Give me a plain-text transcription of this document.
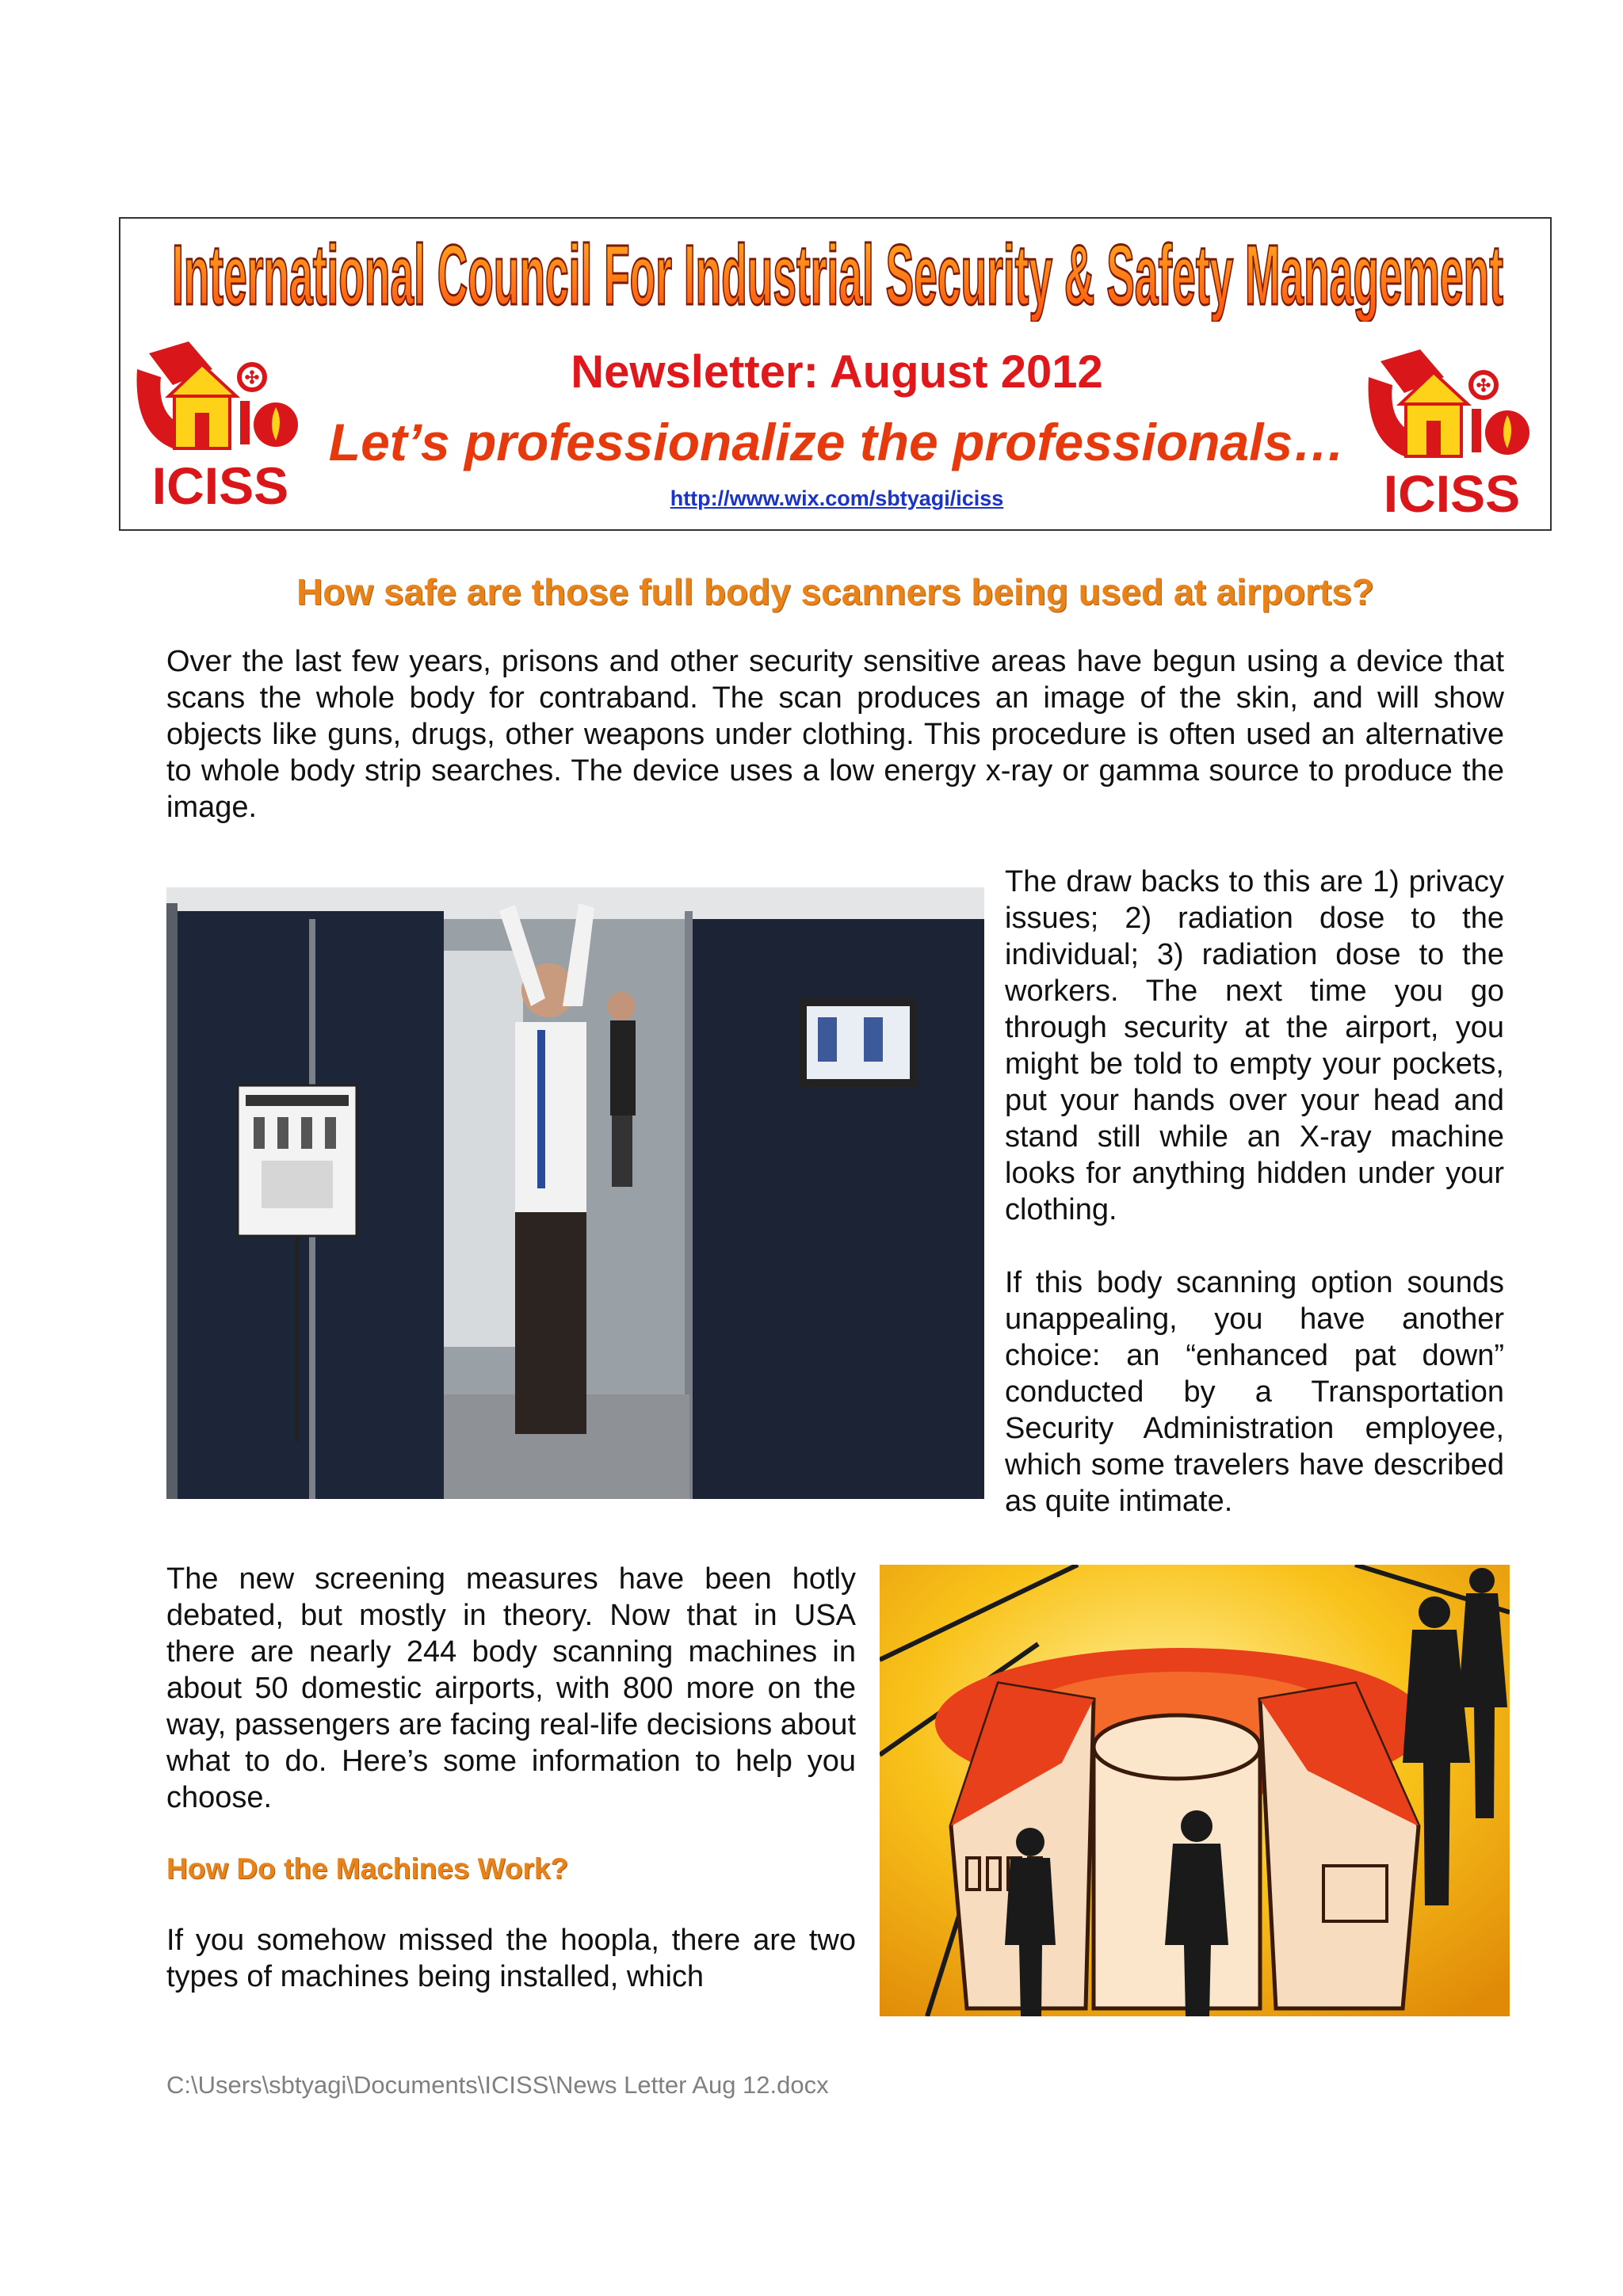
International Council For Industrial Security & Safety Management
✣
ICISS
✣
ICISS
Newsletter: August 2012
Let’s professionalize the professionals…
http://www.wix.com/sbtyagi/iciss
How safe are those full body scanners being used at airports?

Over the last few years, prisons and other security sensitive areas have begun using a device that scans the whole body for contraband. The scan produces an image of the skin, and will show objects like guns, drugs, other weapons under clothing. This procedure is often used an alternative to whole body strip searches. The device uses a low energy x-ray or gamma source to produce the image.

The draw backs to this are 1) privacy issues; 2) radiation dose to the individual; 3) radiation dose to the workers. The next time you go through security at the airport, you might be told to empty your pockets, put your hands over your head and stand still while an X-ray machine looks for anything hidden under your clothing.

If this body scanning option sounds unappealing, you have another choice: an “enhanced pat down” conducted by a Transportation Security Administration employee, which some travelers have described as quite intimate.

The new screening measures have been hotly debated, but mostly in theory. Now that in USA there are nearly 244 body scanning machines in about 50 domestic airports, with 800 more on the way, passengers are facing real-life decisions about what to do. Here’s some information to help you choose.

How Do the Machines Work?

If you somehow missed the hoopla, there are two types of machines being installed, which

C:\Users\sbtyagi\Documents\ICISS\News Letter Aug 12.docx
